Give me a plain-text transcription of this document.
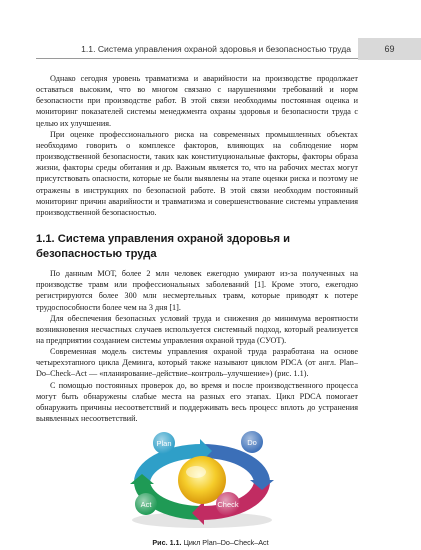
1.1. Система управления охраной здоровья и безопасностью труда	69

Однако сегодня уровень травматизма и аварийности на производстве продолжает оставаться высоким, что во многом связано с нарушениями требований и норм безопасности при производстве работ. В этой связи необходимы постоянная оценка и мониторинг показателей системы менеджмента охраны здоровья и безопасности труда с целью их улучшения.

При оценке профессионального риска на современных промышленных объектах необходимо говорить о комплексе факторов, влияющих на соблюдение норм производственной безопасности, таких как конституциональные факторы, факторы образа жизни, факторы среды обитания и др. Важным является то, что на рабочих местах могут присутствовать опасности, которые не были выявлены на этапе оценки риска и поэтому не отражены в инструкциях по безопасной работе. В этой связи необходим постоянный мониторинг причин аварийности и травматизма и совершенствование системы управления производственной безопасностью.

1.1. Система управления охраной здоровья и безопасностью труда

По данным МОТ, более 2 млн человек ежегодно умирают из-за полученных на производстве травм или профессиональных заболеваний [1]. Кроме этого, ежегодно регистрируются более 300 млн несмертельных травм, которые приводят к потере трудоспособности более чем на 3 дня [1].

Для обеспечения безопасных условий труда и снижения до минимума вероятности возникновения несчастных случаев используется системный подход, который реализуется на предприятии созданием системы управления охраной труда (СУОТ).

Современная модель системы управления охраной труда разработана на основе четырехэтапного цикла Деминга, который также называют циклом PDCA (от англ. Plan–Do–Check–Act — «планирование–действие–контроль–улучшение») (рис. 1.1).

С помощью постоянных проверок до, во время и после производственного процесса могут быть обнаружены слабые места на разных его этапах. Цикл PDCA помогает обнаружить причины несоответствий и поддерживать весь процесс вплоть до устранения выявленных несоответствий.

Plan	Do
Act	Check
Рис. 1.1. Цикл Plan–Do–Check–Act
